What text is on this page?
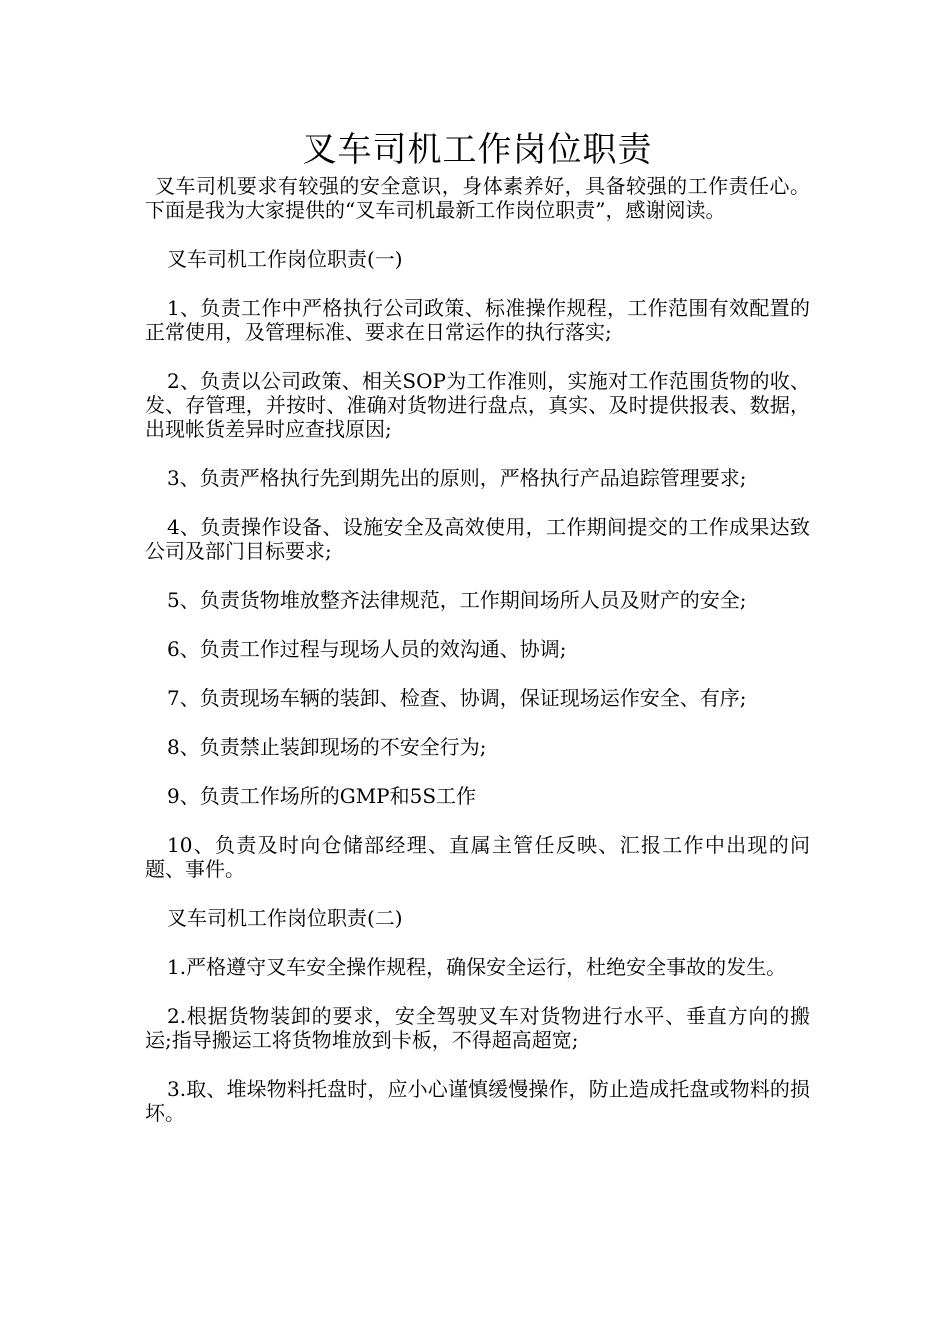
叉车司机工作岗位职责

叉车司机要求有较强的安全意识，身体素养好，具备较强的工作责任心。下面是我为大家提供的“叉车司机最新工作岗位职责”，感谢阅读。

叉车司机工作岗位职责(一)

1、负责工作中严格执行公司政策、标准操作规程，工作范围有效配置的正常使用，及管理标准、要求在日常运作的执行落实;

2、负责以公司政策、相关SOP为工作准则，实施对工作范围货物的收、发、存管理，并按时、准确对货物进行盘点，真实、及时提供报表、数据，出现帐货差异时应查找原因;

3、负责严格执行先到期先出的原则，严格执行产品追踪管理要求;

4、负责操作设备、设施安全及高效使用，工作期间提交的工作成果达致公司及部门目标要求;

5、负责货物堆放整齐法律规范，工作期间场所人员及财产的安全;

6、负责工作过程与现场人员的效沟通、协调;

7、负责现场车辆的装卸、检查、协调，保证现场运作安全、有序;

8、负责禁止装卸现场的不安全行为;

9、负责工作场所的GMP和5S工作

10、负责及时向仓储部经理、直属主管任反映、汇报工作中出现的问题、事件。

叉车司机工作岗位职责(二)

1.严格遵守叉车安全操作规程，确保安全运行，杜绝安全事故的发生。

2.根据货物装卸的要求，安全驾驶叉车对货物进行水平、垂直方向的搬运;指导搬运工将货物堆放到卡板，不得超高超宽;

3.取、堆垛物料托盘时，应小心谨慎缓慢操作，防止造成托盘或物料的损坏。
